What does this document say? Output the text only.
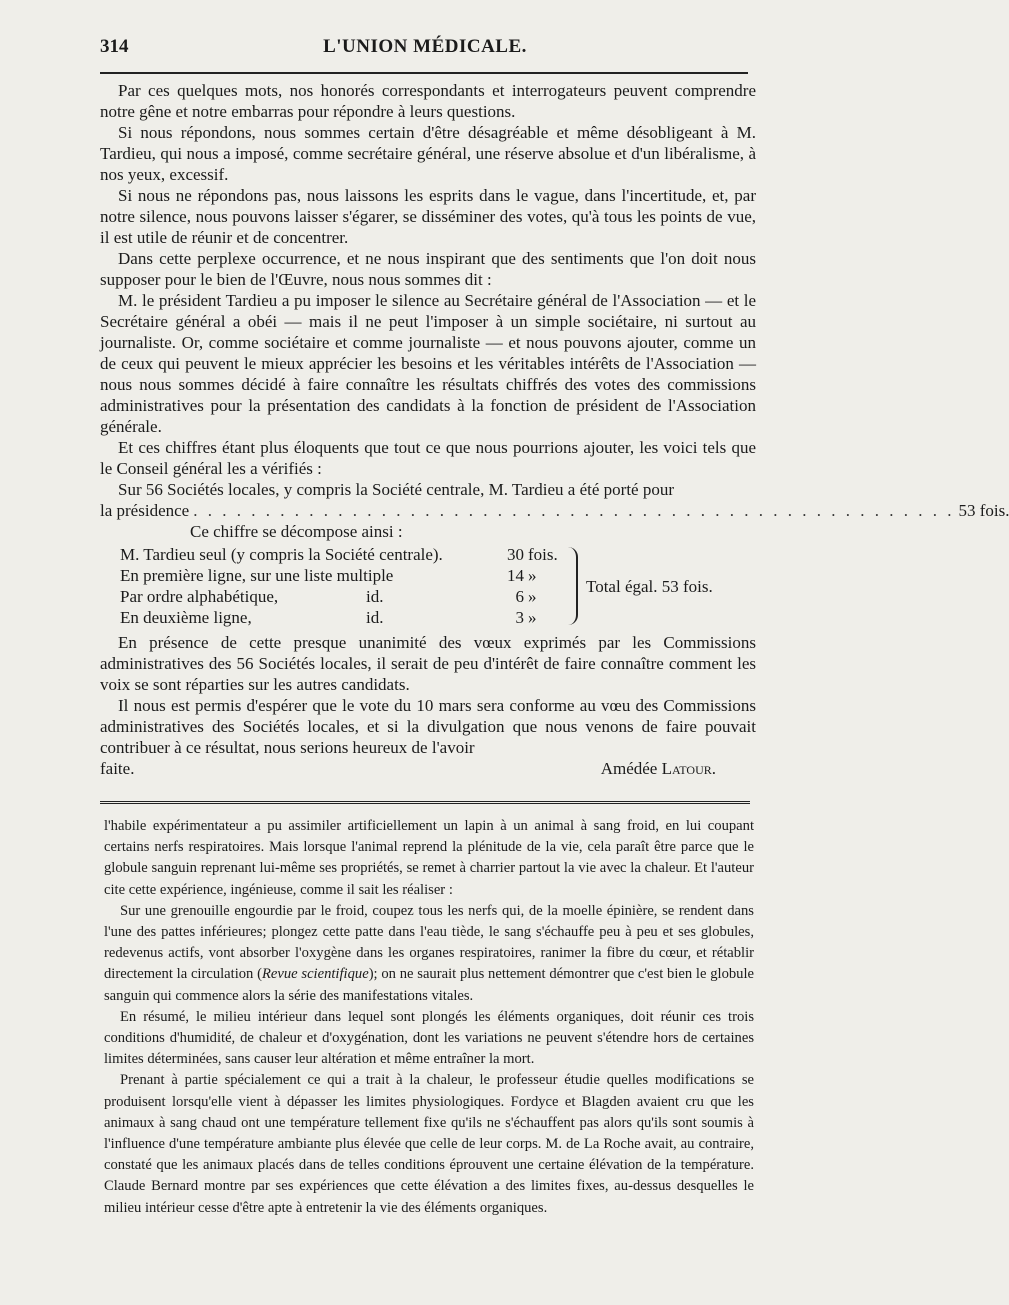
314	L'UNION MÉDICALE.

Par ces quelques mots, nos honorés correspondants et interrogateurs peuvent comprendre notre gêne et notre embarras pour répondre à leurs questions.

Si nous répondons, nous sommes certain d'être désagréable et même désobligeant à M. Tardieu, qui nous a imposé, comme secrétaire général, une réserve absolue et d'un libéralisme, à nos yeux, excessif.

Si nous ne répondons pas, nous laissons les esprits dans le vague, dans l'incertitude, et, par notre silence, nous pouvons laisser s'égarer, se disséminer des votes, qu'à tous les points de vue, il est utile de réunir et de concentrer.

Dans cette perplexe occurrence, et ne nous inspirant que des sentiments que l'on doit nous supposer pour le bien de l'Œuvre, nous nous sommes dit :

M. le président Tardieu a pu imposer le silence au Secrétaire général de l'Association — et le Secrétaire général a obéi — mais il ne peut l'imposer à un simple sociétaire, ni surtout au journaliste. Or, comme sociétaire et comme journaliste — et nous pouvons ajouter, comme un de ceux qui peuvent le mieux apprécier les besoins et les véritables intérêts de l'Association — nous nous sommes décidé à faire connaître les résultats chiffrés des votes des commissions administratives pour la présentation des candidats à la fonction de président de l'Association générale.

Et ces chiffres étant plus éloquents que tout ce que nous pourrions ajouter, les voici tels que le Conseil général les a vérifiés :

Sur 56 Sociétés locales, y compris la Société centrale, M. Tardieu a été porté pour

la présidence . . . . . . . . . . . . . . . . . . . . . . . . . . . . . . . . . . . . . . . . . . . . . . . . . . . . . 53 fois.

Ce chiffre se décompose ainsi :

M. Tardieu seul (y compris la Société centrale).	30 fois.
En première ligne, sur une liste multiple	14 »
Par ordre alphabétique,	id.	6 »
En deuxième ligne,	id.	3 »
Total égal. 53 fois.

En présence de cette presque unanimité des vœux exprimés par les Commissions administratives des 56 Sociétés locales, il serait de peu d'intérêt de faire connaître comment les voix se sont réparties sur les autres candidats.

Il nous est permis d'espérer que le vote du 10 mars sera conforme au vœu des Commissions administratives des Sociétés locales, et si la divulgation que nous venons de faire pouvait contribuer à ce résultat, nous serions heureux de l'avoir

faite.	Amédée Latour.

l'habile expérimentateur a pu assimiler artificiellement un lapin à un animal à sang froid, en lui coupant certains nerfs respiratoires. Mais lorsque l'animal reprend la plénitude de la vie, cela paraît être parce que le globule sanguin reprenant lui-même ses propriétés, se remet à charrier partout la vie avec la chaleur. Et l'auteur cite cette expérience, ingénieuse, comme il sait les réaliser :

Sur une grenouille engourdie par le froid, coupez tous les nerfs qui, de la moelle épinière, se rendent dans l'une des pattes inférieures; plongez cette patte dans l'eau tiède, le sang s'échauffe peu à peu et ses globules, redevenus actifs, vont absorber l'oxygène dans les organes respiratoires, ranimer la fibre du cœur, et rétablir directement la circulation (Revue scientifique); on ne saurait plus nettement démontrer que c'est bien le globule sanguin qui commence alors la série des manifestations vitales.

En résumé, le milieu intérieur dans lequel sont plongés les éléments organiques, doit réunir ces trois conditions d'humidité, de chaleur et d'oxygénation, dont les variations ne peuvent s'étendre hors de certaines limites déterminées, sans causer leur altération et même entraîner la mort.

Prenant à partie spécialement ce qui a trait à la chaleur, le professeur étudie quelles modifications se produisent lorsqu'elle vient à dépasser les limites physiologiques. Fordyce et Blagden avaient cru que les animaux à sang chaud ont une température tellement fixe qu'ils ne s'échauffent pas alors qu'ils sont soumis à l'influence d'une température ambiante plus élevée que celle de leur corps. M. de La Roche avait, au contraire, constaté que les animaux placés dans de telles conditions éprouvent une certaine élévation de la température. Claude Bernard montre par ses expériences que cette élévation a des limites fixes, au-dessus desquelles le milieu intérieur cesse d'être apte à entretenir la vie des éléments organiques.
